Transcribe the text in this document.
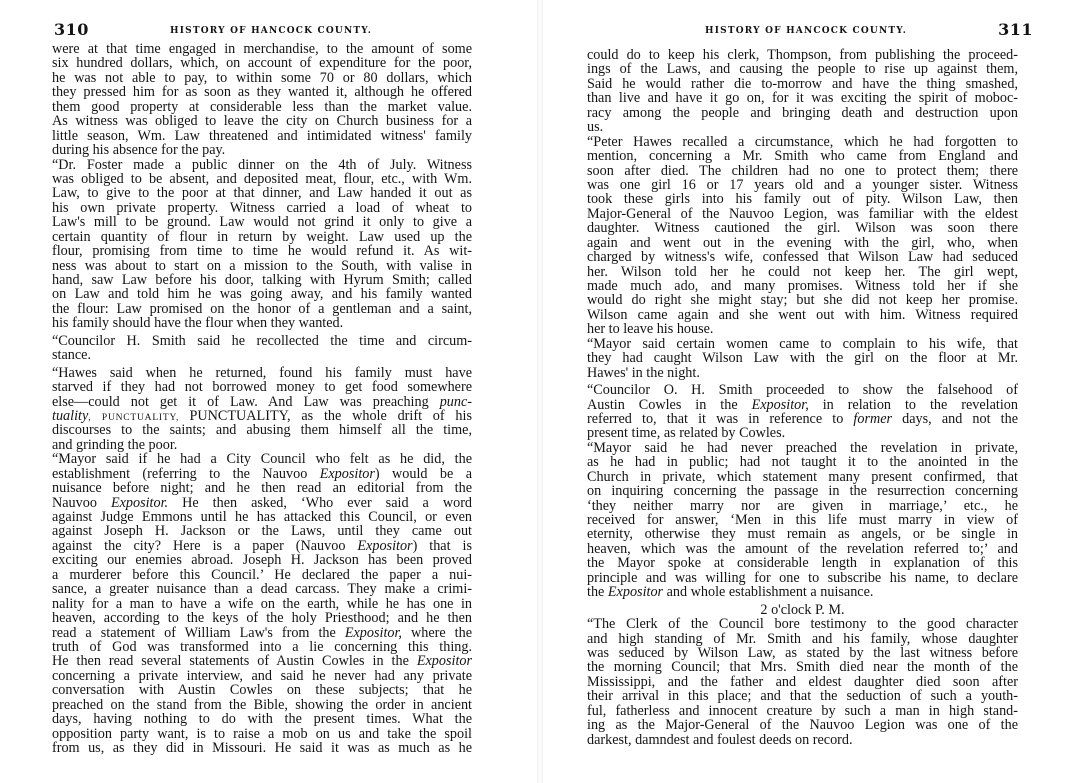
310	HISTORY OF HANCOCK COUNTY.
were at that time engaged in merchandise, to the amount of some
six hundred dollars, which, on account of expenditure for the poor,
he was not able to pay, to within some 70 or 80 dollars, which
they pressed him for as soon as they wanted it, although he offered
them good property at considerable less than the market value.
As witness was obliged to leave the city on Church business for a
little season, Wm. Law threatened and intimidated witness' family
during his absence for the pay.
“Dr. Foster made a public dinner on the 4th of July. Witness
was obliged to be absent, and deposited meat, flour, etc., with Wm.
Law, to give to the poor at that dinner, and Law handed it out as
his own private property. Witness carried a load of wheat to
Law's mill to be ground. Law would not grind it only to give a
certain quantity of flour in return by weight. Law used up the
flour, promising from time to time he would refund it. As wit-
ness was about to start on a mission to the South, with valise in
hand, saw Law before his door, talking with Hyrum Smith; called
on Law and told him he was going away, and his family wanted
the flour: Law promised on the honor of a gentleman and a saint,
his family should have the flour when they wanted.
“Councilor H. Smith said he recollected the time and circum-
stance.
“Hawes said when he returned, found his family must have
starved if they had not borrowed money to get food somewhere
else—could not get it of Law. And Law was preaching punc-
tuality, PUNCTUALITY, PUNCTUALITY, as the whole drift of his
discourses to the saints; and abusing them himself all the time,
and grinding the poor.
“Mayor said if he had a City Council who felt as he did, the
establishment (referring to the Nauvoo Expositor) would be a
nuisance before night; and he then read an editorial from the
Nauvoo Expositor. He then asked, ‘Who ever said a word
against Judge Emmons until he has attacked this Council, or even
against Joseph H. Jackson or the Laws, until they came out
against the city? Here is a paper (Nauvoo Expositor) that is
exciting our enemies abroad. Joseph H. Jackson has been proved
a murderer before this Council.’ He declared the paper a nui-
sance, a greater nuisance than a dead carcass. They make a crimi-
nality for a man to have a wife on the earth, while he has one in
heaven, according to the keys of the holy Priesthood; and he then
read a statement of William Law's from the Expositor, where the
truth of God was transformed into a lie concerning this thing.
He then read several statements of Austin Cowles in the Expositor
concerning a private interview, and said he never had any private
conversation with Austin Cowles on these subjects; that he
preached on the stand from the Bible, showing the order in ancient
days, having nothing to do with the present times. What the
opposition party want, is to raise a mob on us and take the spoil
from us, as they did in Missouri. He said it was as much as he
HISTORY OF HANCOCK COUNTY.	311
could do to keep his clerk, Thompson, from publishing the proceed-
ings of the Laws, and causing the people to rise up against them,
Said he would rather die to-morrow and have the thing smashed,
than live and have it go on, for it was exciting the spirit of moboc-
racy among the people and bringing death and destruction upon
us.
“Peter Hawes recalled a circumstance, which he had forgotten to
mention, concerning a Mr. Smith who came from England and
soon after died. The children had no one to protect them; there
was one girl 16 or 17 years old and a younger sister. Witness
took these girls into his family out of pity. Wilson Law, then
Major-General of the Nauvoo Legion, was familiar with the eldest
daughter. Witness cautioned the girl. Wilson was soon there
again and went out in the evening with the girl, who, when
charged by witness's wife, confessed that Wilson Law had seduced
her. Wilson told her he could not keep her. The girl wept,
made much ado, and many promises. Witness told her if she
would do right she might stay; but she did not keep her promise.
Wilson came again and she went out with him. Witness required
her to leave his house.
“Mayor said certain women came to complain to his wife, that
they had caught Wilson Law with the girl on the floor at Mr.
Hawes' in the night.
“Councilor O. H. Smith proceeded to show the falsehood of
Austin Cowles in the Expositor, in relation to the revelation
referred to, that it was in reference to former days, and not the
present time, as related by Cowles.
“Mayor said he had never preached the revelation in private,
as he had in public; had not taught it to the anointed in the
Church in private, which statement many present confirmed, that
on inquiring concerning the passage in the resurrection concerning
‘they neither marry nor are given in marriage,’ etc., he
received for answer, ‘Men in this life must marry in view of
eternity, otherwise they must remain as angels, or be single in
heaven, which was the amount of the revelation referred to;’ and
the Mayor spoke at considerable length in explanation of this
principle and was willing for one to subscribe his name, to declare
the Expositor and whole establishment a nuisance.
2 o'clock P. M.
“The Clerk of the Council bore testimony to the good character
and high standing of Mr. Smith and his family, whose daughter
was seduced by Wilson Law, as stated by the last witness before
the morning Council; that Mrs. Smith died near the month of the
Mississippi, and the father and eldest daughter died soon after
their arrival in this place; and that the seduction of such a youth-
ful, fatherless and innocent creature by such a man in high stand-
ing as the Major-General of the Nauvoo Legion was one of the
darkest, damndest and foulest deeds on record.
